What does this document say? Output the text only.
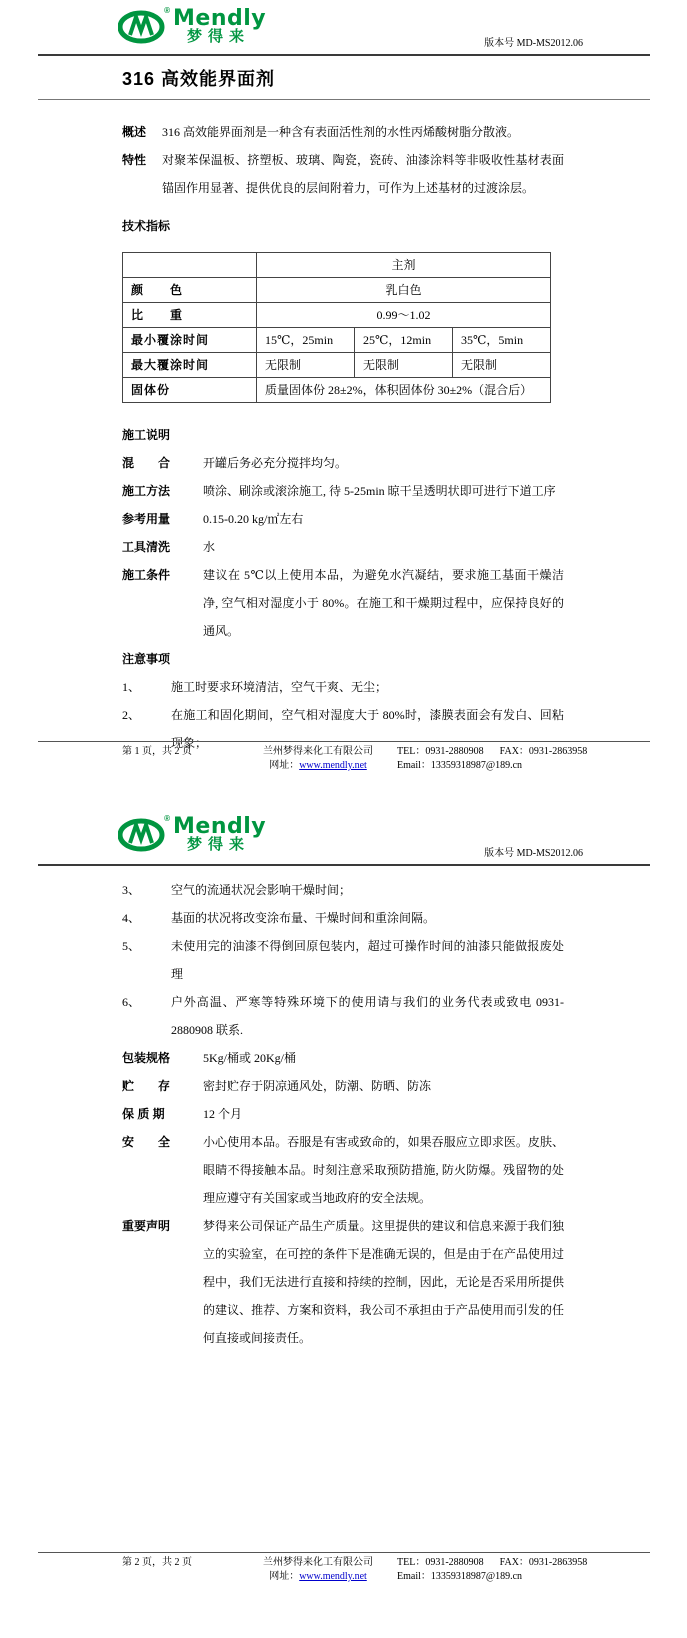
® Mendly
梦得来	版本号 MD-MS2012.06
316 高效能界面剂
概述	316 高效能界面剂是一种含有表面活性剂的水性丙烯酸树脂分散液。
特性	对聚苯保温板、挤塑板、玻璃、陶瓷，瓷砖、油漆涂料等非吸收性基材表面锚固作用显著、提供优良的层间附着力，可作为上述基材的过渡涂层。
技术指标
	主剂		
颜　　色	乳白色		
比　　重	0.99～1.02		
最小覆涂时间	15℃，25min	25℃，12min	35℃，5min
最大覆涂时间	无限制	无限制	无限制
固体份	质量固体份 28±2%，体积固体份 30±2%（混合后）		
施工说明
混　　合	开罐后务必充分搅拌均匀。
施工方法	喷涂、刷涂或滚涂施工, 待 5-25min 晾干呈透明状即可进行下道工序
参考用量	0.15-0.20 kg/㎡左右
工具清洗	水
施工条件	建议在 5℃以上使用本品，为避免水汽凝结，要求施工基面干燥洁净, 空气相对湿度小于 80%。在施工和干燥期过程中，应保持良好的通风。
注意事项
1、	施工时要求环境清洁，空气干爽、无尘；
2、	在施工和固化期间，空气相对湿度大于 80%时，漆膜表面会有发白、回粘现象；
第 1 页，共 2 页	兰州梦得来化工有限公司
网址：www.mendly.net
TEL：0931-2880908 FAX：0931-2863958
Email：13359318987@189.cn
® Mendly
梦得来
版本号 MD-MS2012.06
3、	空气的流通状况会影响干燥时间；
4、	基面的状况将改变涂布量、干燥时间和重涂间隔。
5、	未使用完的油漆不得倒回原包装内，超过可操作时间的油漆只能做报废处理
6、	户外高温、严寒等特殊环境下的使用请与我们的业务代表或致电 0931-2880908 联系.
包装规格	5Kg/桶或 20Kg/桶
贮　　存	密封贮存于阴凉通风处，防潮、防晒、防冻
保 质 期	12 个月
安　　全	小心使用本品。吞服是有害或致命的，如果吞服应立即求医。皮肤、眼睛不得接触本品。时刻注意采取预防措施, 防火防爆。残留物的处理应遵守有关国家或当地政府的安全法规。
重要声明	梦得来公司保证产品生产质量。这里提供的建议和信息来源于我们独立的实验室，在可控的条件下是准确无误的，但是由于在产品使用过程中，我们无法进行直接和持续的控制，因此，无论是否采用所提供的建议、推荐、方案和资料，我公司不承担由于产品使用而引发的任何直接或间接责任。
第 2 页，共 2 页	兰州梦得来化工有限公司
网址：www.mendly.net
TEL：0931-2880908 FAX：0931-2863958
Email：13359318987@189.cn
